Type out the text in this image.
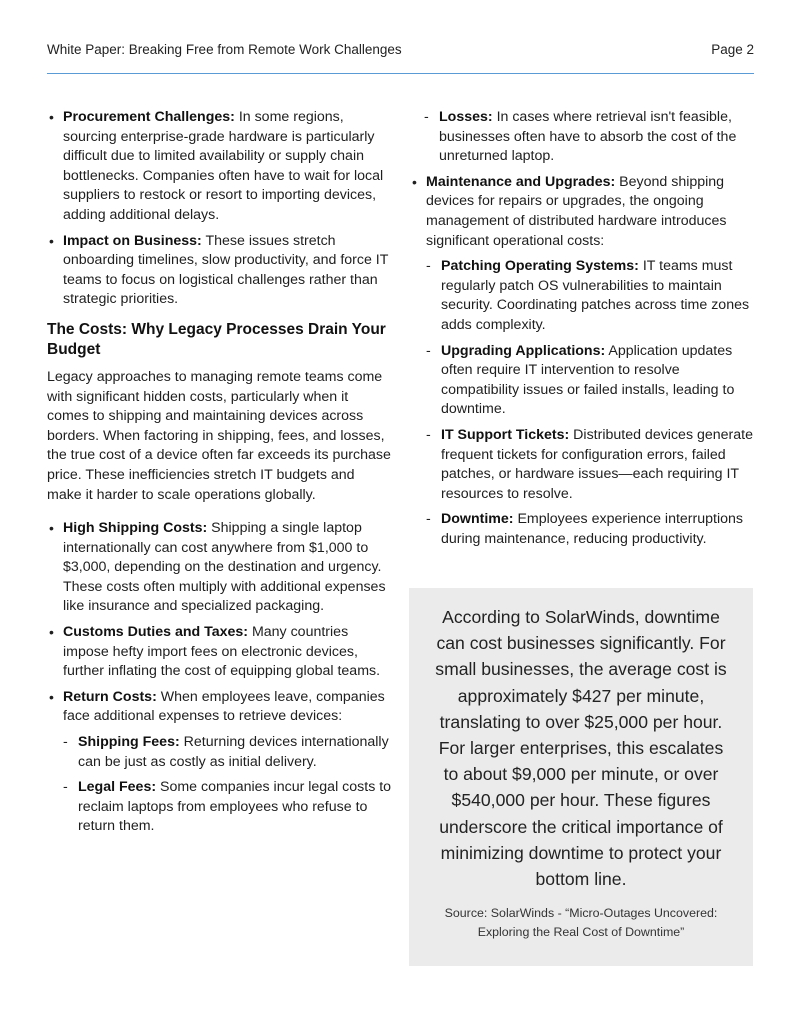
White Paper: Breaking Free from Remote Work Challenges	Page 2
• Procurement Challenges: In some regions, sourcing enterprise-grade hardware is particularly difficult due to limited availability or supply chain bottlenecks. Companies often have to wait for local suppliers to restock or resort to importing devices, adding additional delays.
• Impact on Business: These issues stretch onboarding timelines, slow productivity, and force IT teams to focus on logistical challenges rather than strategic priorities.
The Costs: Why Legacy Processes Drain Your Budget

Legacy approaches to managing remote teams come with significant hidden costs, particularly when it comes to shipping and maintaining devices across borders. When factoring in shipping, fees, and losses, the true cost of a device often far exceeds its purchase price. These inefficiencies stretch IT budgets and make it harder to scale operations globally.

• High Shipping Costs: Shipping a single laptop internationally can cost anywhere from $1,000 to $3,000, depending on the destination and urgency. These costs often multiply with additional expenses like insurance and specialized packaging.
• Customs Duties and Taxes: Many countries impose hefty import fees on electronic devices, further inflating the cost of equipping global teams.
• Return Costs: When employees leave, companies face additional expenses to retrieve devices:
- Shipping Fees: Returning devices internationally can be just as costly as initial delivery.
- Legal Fees: Some companies incur legal costs to reclaim laptops from employees who refuse to return them.
- Losses: In cases where retrieval isn't feasible, businesses often have to absorb the cost of the unreturned laptop.
• Maintenance and Upgrades: Beyond shipping devices for repairs or upgrades, the ongoing management of distributed hardware introduces significant operational costs:
- Patching Operating Systems: IT teams must regularly patch OS vulnerabilities to maintain security. Coordinating patches across time zones adds complexity.
- Upgrading Applications: Application updates often require IT intervention to resolve compatibility issues or failed installs, leading to downtime.
- IT Support Tickets: Distributed devices generate frequent tickets for configuration errors, failed patches, or hardware issues—each requiring IT resources to resolve.
- Downtime: Employees experience interruptions during maintenance, reducing productivity.

According to SolarWinds, downtime can cost businesses significantly. For small businesses, the average cost is approximately $427 per minute, translating to over $25,000 per hour. For larger enterprises, this escalates to about $9,000 per minute, or over $540,000 per hour. These figures underscore the critical importance of minimizing downtime to protect your bottom line.

Source: SolarWinds - “Micro-Outages Uncovered: Exploring the Real Cost of Downtime”
